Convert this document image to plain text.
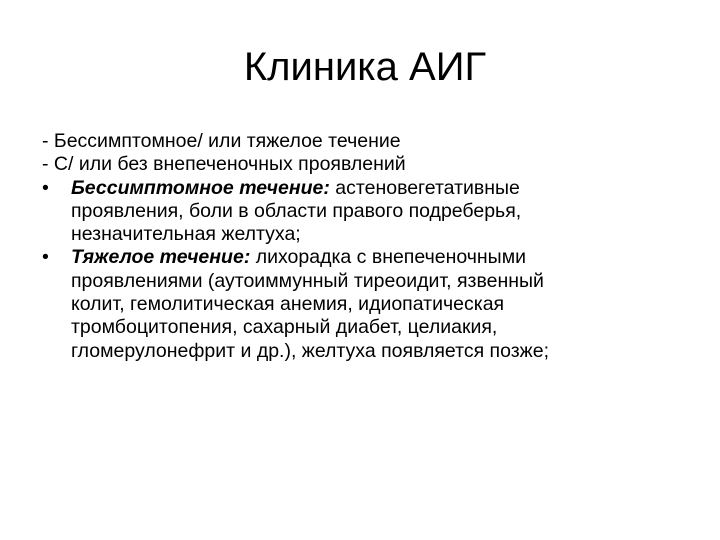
Клиника АИГ

- Бессимптомное/ или тяжелое течение

- С/ или без внепеченочных проявлений

•	Бессимптомное течение: астеновегетативные
проявления, боли в области правого подреберья,
незначительная желтуха;
•	Тяжелое течение: лихорадка с внепеченочными
проявлениями (аутоиммунный тиреоидит, язвенный
колит, гемолитическая анемия, идиопатическая
тромбоцитопения, сахарный диабет, целиакия,
гломерулонефрит и др.), желтуха появляется позже;
